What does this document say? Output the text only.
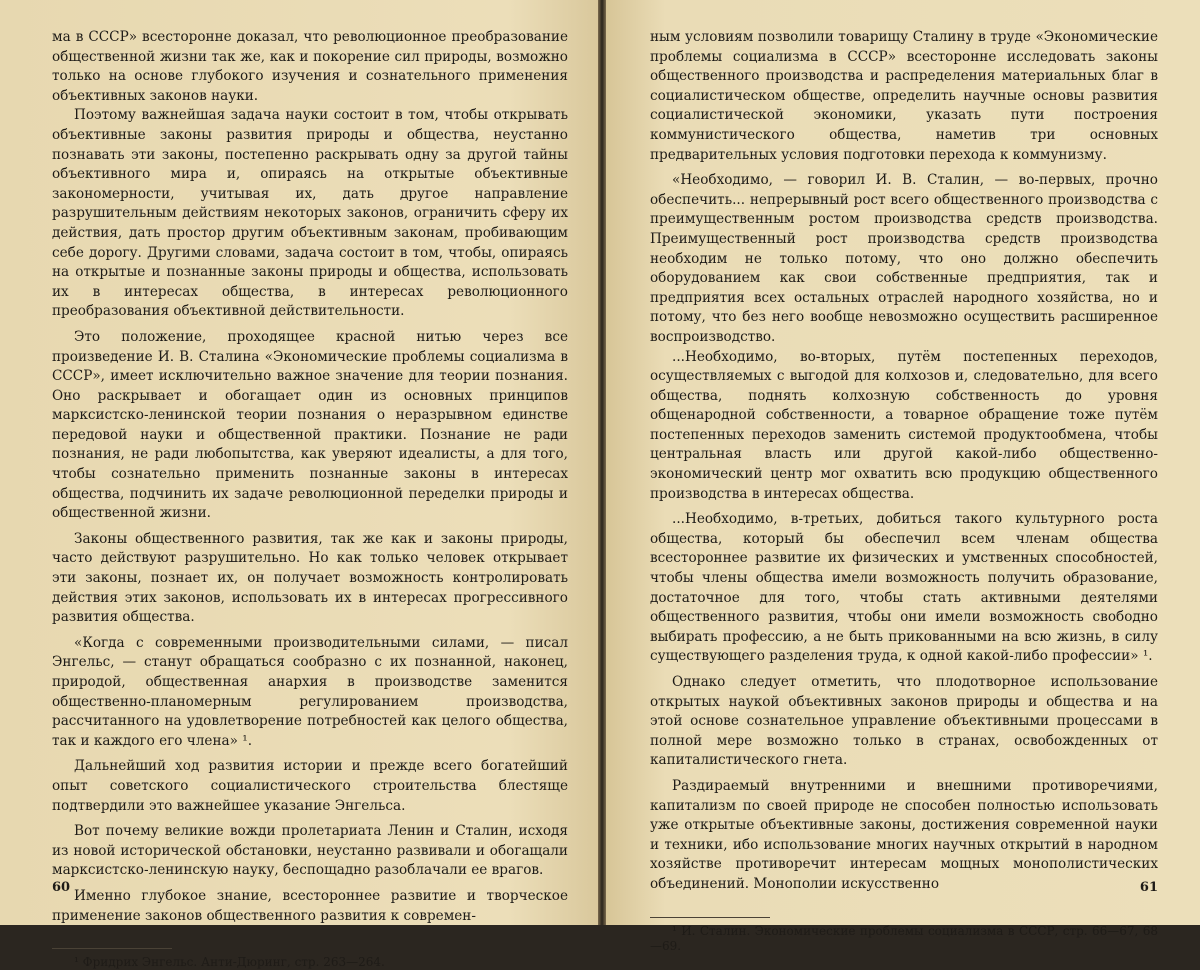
ма в СССР» всесторонне доказал, что революционное преобразование общественной жизни так же, как и покорение сил природы, возможно только на основе глубокого изучения и сознательного применения объективных законов науки.

Поэтому важнейшая задача науки состоит в том, чтобы открывать объективные законы развития природы и общества, неустанно познавать эти законы, постепенно раскрывать одну за другой тайны объективного мира и, опираясь на открытые объективные закономерности, учитывая их, дать другое направление разрушительным действиям некоторых законов, ограничить сферу их действия, дать простор другим объективным законам, пробивающим себе дорогу. Другими словами, задача состоит в том, чтобы, опираясь на открытые и познанные законы природы и общества, использовать их в интересах общества, в интересах революционного преобразования объективной действительности.

Это положение, проходящее красной нитью через все произведение И. В. Сталина «Экономические проблемы социализма в СССР», имеет исключительно важное значение для теории познания. Оно раскрывает и обогащает один из основных принципов марксистско-ленинской теории познания о неразрывном единстве передовой науки и общественной практики. Познание не ради познания, не ради любопытства, как уверяют идеалисты, а для того, чтобы сознательно применить познанные законы в интересах общества, подчинить их задаче революционной переделки природы и общественной жизни.

Законы общественного развития, так же как и законы природы, часто действуют разрушительно. Но как только человек открывает эти законы, познает их, он получает возможность контролировать действия этих законов, использовать их в интересах прогрессивного развития общества.

«Когда с современными производительными силами, — писал Энгельс, — станут обращаться сообразно с их познанной, наконец, природой, общественная анархия в производстве заменится общественно-планомерным регулированием производства, рассчитанного на удовлетворение потребностей как целого общества, так и каждого его члена» ¹.

Дальнейший ход развития истории и прежде всего богатейший опыт советского социалистического строительства блестяще подтвердили это важнейшее указание Энгельса.

Вот почему великие вожди пролетариата Ленин и Сталин, исходя из новой исторической обстановки, неустанно развивали и обогащали марксистско-ленинскую науку, беспощадно разоблачали ее врагов.

Именно глубокое знание, всестороннее развитие и творческое применение законов общественного развития к современ-

¹ Фридрих Энгельс. Анти-Дюринг, стр. 263—264.

60

ным условиям позволили товарищу Сталину в труде «Экономические проблемы социализма в СССР» всесторонне исследовать законы общественного производства и распределения материальных благ в социалистическом обществе, определить научные основы развития социалистической экономики, указать пути построения коммунистического общества, наметив три основных предварительных условия подготовки перехода к коммунизму.

«Необходимо, — говорил И. В. Сталин, — во-первых, прочно обеспечить... непрерывный рост всего общественного производства с преимущественным ростом производства средств производства. Преимущественный рост производства средств производства необходим не только потому, что оно должно обеспечить оборудованием как свои собственные предприятия, так и предприятия всех остальных отраслей народного хозяйства, но и потому, что без него вообще невозможно осуществить расширенное воспроизводство.

...Необходимо, во-вторых, путём постепенных переходов, осуществляемых с выгодой для колхозов и, следовательно, для всего общества, поднять колхозную собственность до уровня общенародной собственности, а товарное обращение тоже путём постепенных переходов заменить системой продуктообмена, чтобы центральная власть или другой какой-либо общественно-экономический центр мог охватить всю продукцию общественного производства в интересах общества.

...Необходимо, в-третьих, добиться такого культурного роста общества, который бы обеспечил всем членам общества всестороннее развитие их физических и умственных способностей, чтобы члены общества имели возможность получить образование, достаточное для того, чтобы стать активными деятелями общественного развития, чтобы они имели возможность свободно выбирать профессию, а не быть прикованными на всю жизнь, в силу существующего разделения труда, к одной какой-либо профессии» ¹.

Однако следует отметить, что плодотворное использование открытых наукой объективных законов природы и общества и на этой основе сознательное управление объективными процессами в полной мере возможно только в странах, освобожденных от капиталистического гнета.

Раздираемый внутренними и внешними противоречиями, капитализм по своей природе не способен полностью использовать уже открытые объективные законы, достижения современной науки и техники, ибо использование многих научных открытий в народном хозяйстве противоречит интересам мощных монополистических объединений. Монополии искусственно

¹ И. Сталин. Экономические проблемы социализма в СССР, стр. 66—67, 68—69.

61
